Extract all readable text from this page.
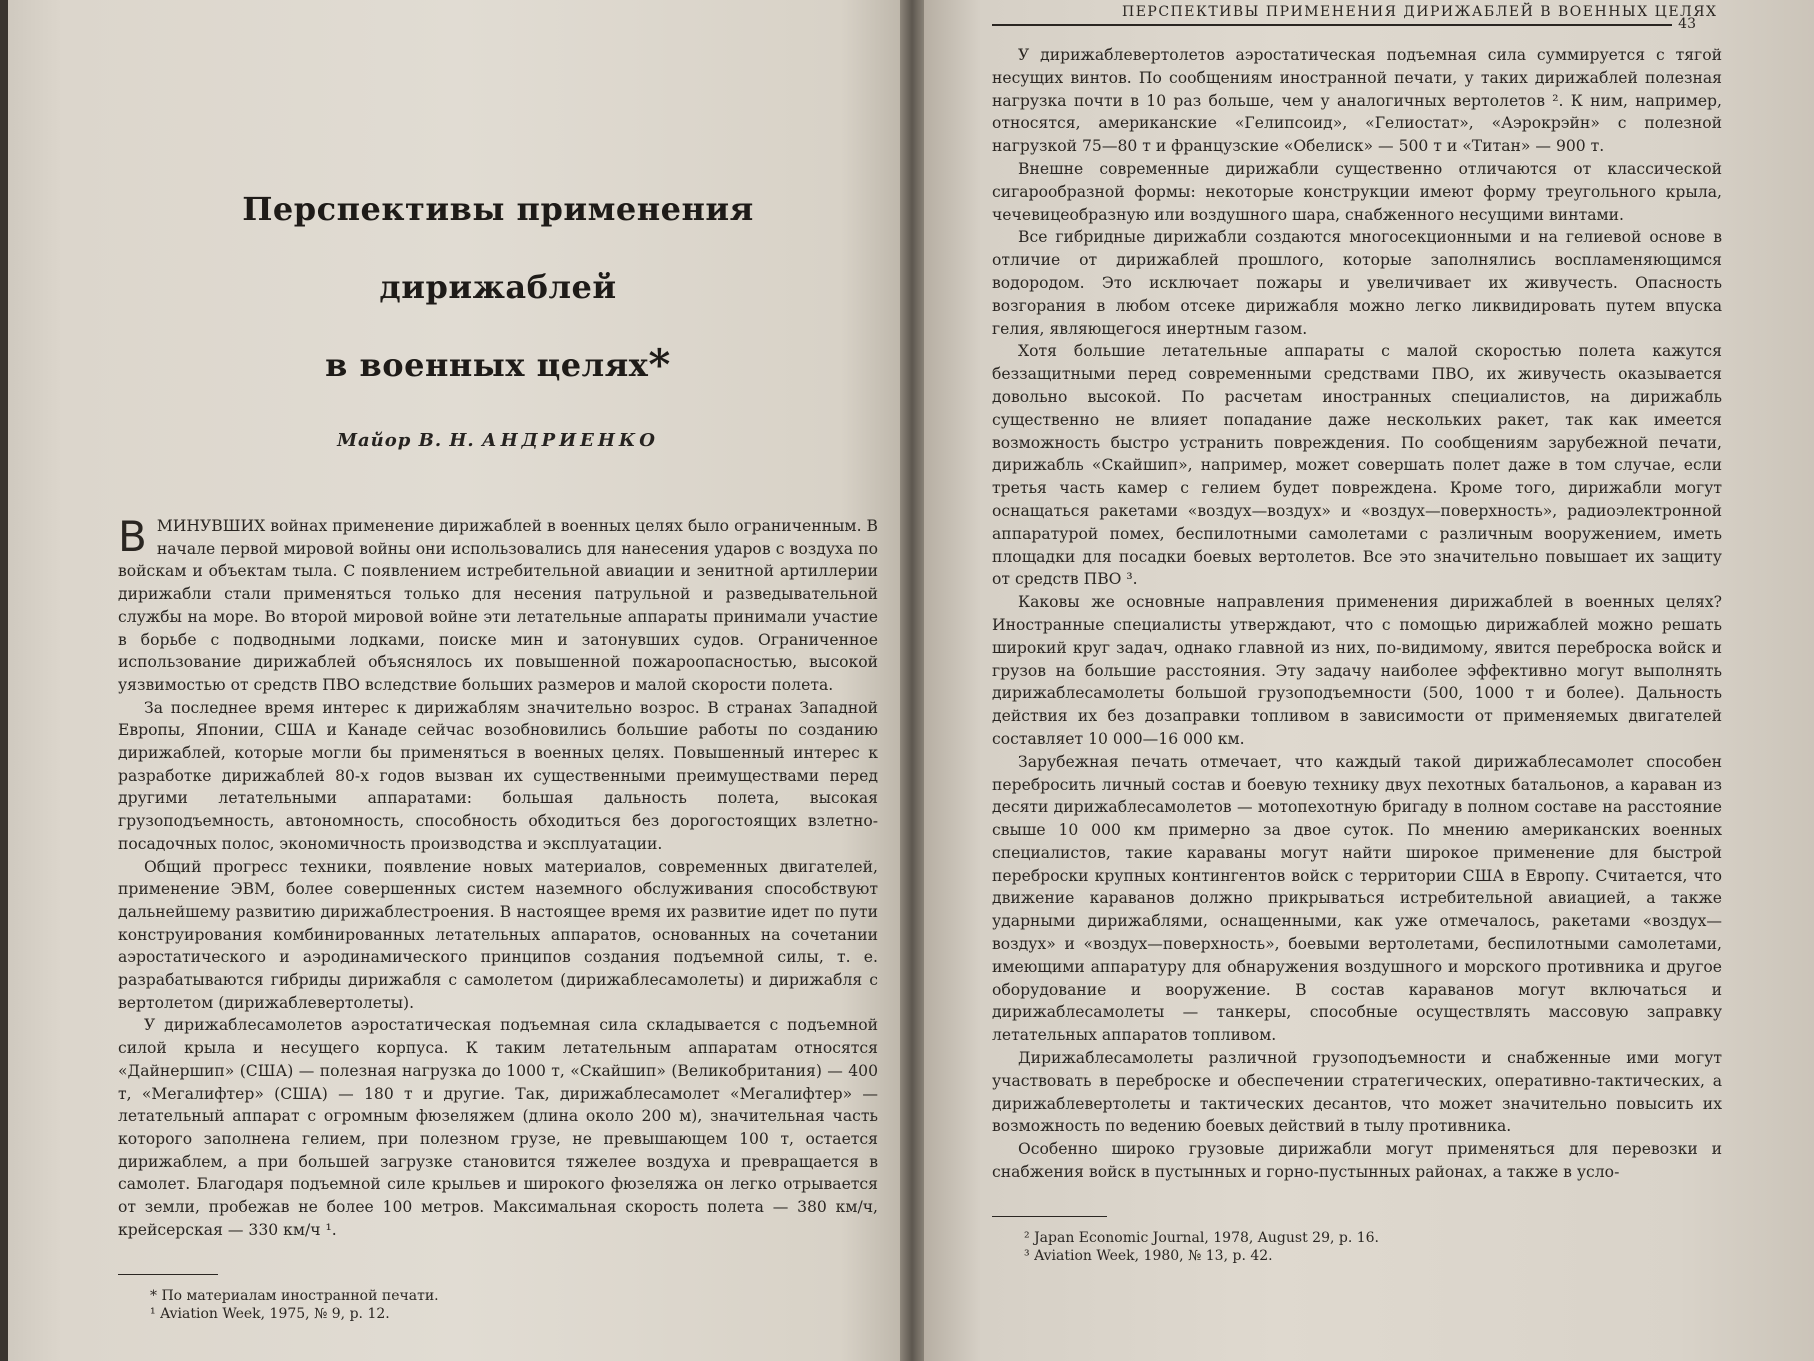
Перспективы применения дирижаблей
в военных целях*
Майор В. Н. АНДРИЕНКО

ВМИНУВШИХ войнах применение дирижаблей в военных целях было ограниченным. В начале первой мировой войны они использовались для нанесения ударов с воздуха по войскам и объектам тыла. С появлением истребительной авиации и зенитной артиллерии дирижабли стали применяться только для несения патрульной и разведывательной службы на море. Во второй мировой войне эти летательные аппараты принимали участие в борьбе с подводными лодками, поиске мин и затонувших судов. Ограниченное использование дирижаблей объяснялось их повышенной пожароопасностью, высокой уязвимостью от средств ПВО вследствие больших размеров и малой скорости полета.

За последнее время интерес к дирижаблям значительно возрос. В странах Западной Европы, Японии, США и Канаде сейчас возобновились большие работы по созданию дирижаблей, которые могли бы применяться в военных целях. Повышенный интерес к разработке дирижаблей 80-х годов вызван их существенными преимуществами перед другими летательными аппаратами: большая дальность полета, высокая грузоподъемность, автономность, способность обходиться без дорогостоящих взлетно-посадочных полос, экономичность производства и эксплуатации.

Общий прогресс техники, появление новых материалов, современных двигателей, применение ЭВМ, более совершенных систем наземного обслуживания способствуют дальнейшему развитию дирижаблестроения. В настоящее время их развитие идет по пути конструирования комбинированных летательных аппаратов, основанных на сочетании аэростатического и аэродинамического принципов создания подъемной силы, т. е. разрабатываются гибриды дирижабля с самолетом (дирижаблесамолеты) и дирижабля с вертолетом (дирижаблевертолеты).

У дирижаблесамолетов аэростатическая подъемная сила складывается с подъемной силой крыла и несущего корпуса. К таким летательным аппаратам относятся «Дайнершип» (США) — полезная нагрузка до 1000 т, «Скайшип» (Великобритания) — 400 т, «Мегалифтер» (США) — 180 т и другие. Так, дирижаблесамолет «Мегалифтер» — летательный аппарат с огромным фюзеляжем (длина около 200 м), значительная часть которого заполнена гелием, при полезном грузе, не превышающем 100 т, остается дирижаблем, а при большей загрузке становится тяжелее воздуха и превращается в самолет. Благодаря подъемной силе крыльев и широкого фюзеляжа он легко отрывается от земли, пробежав не более 100 метров. Максимальная скорость полета — 380 км/ч, крейсерская — 330 км/ч ¹.

* По материалам иностранной печати.
¹ Aviation Week, 1975, № 9, p. 12.
ПЕРСПЕКТИВЫ ПРИМЕНЕНИЯ ДИРИЖАБЛЕЙ В ВОЕННЫХ ЦЕЛЯХ
43

У дирижаблевертолетов аэростатическая подъемная сила суммируется с тягой несущих винтов. По сообщениям иностранной печати, у таких дирижаблей полезная нагрузка почти в 10 раз больше, чем у аналогичных вертолетов ². К ним, например, относятся, американские «Гелипсоид», «Гелиостат», «Аэрокрэйн» с полезной нагрузкой 75—80 т и французские «Обелиск» — 500 т и «Титан» — 900 т.

Внешне современные дирижабли существенно отличаются от классической сигарообразной формы: некоторые конструкции имеют форму треугольного крыла, чечевицеобразную или воздушного шара, снабженного несущими винтами.

Все гибридные дирижабли создаются многосекционными и на гелиевой основе в отличие от дирижаблей прошлого, которые заполнялись воспламеняющимся водородом. Это исключает пожары и увеличивает их живучесть. Опасность возгорания в любом отсеке дирижабля можно легко ликвидировать путем впуска гелия, являющегося инертным газом.

Хотя большие летательные аппараты с малой скоростью полета кажутся беззащитными перед современными средствами ПВО, их живучесть оказывается довольно высокой. По расчетам иностранных специалистов, на дирижабль существенно не влияет попадание даже нескольких ракет, так как имеется возможность быстро устранить повреждения. По сообщениям зарубежной печати, дирижабль «Скайшип», например, может совершать полет даже в том случае, если третья часть камер с гелием будет повреждена. Кроме того, дирижабли могут оснащаться ракетами «воздух—воздух» и «воздух—поверхность», радиоэлектронной аппаратурой помех, беспилотными самолетами с различным вооружением, иметь площадки для посадки боевых вертолетов. Все это значительно повышает их защиту от средств ПВО ³.

Каковы же основные направления применения дирижаблей в военных целях? Иностранные специалисты утверждают, что с помощью дирижаблей можно решать широкий круг задач, однако главной из них, по-видимому, явится переброска войск и грузов на большие расстояния. Эту задачу наиболее эффективно могут выполнять дирижаблесамолеты большой грузоподъемности (500, 1000 т и более). Дальность действия их без дозаправки топливом в зависимости от применяемых двигателей составляет 10 000—16 000 км.

Зарубежная печать отмечает, что каждый такой дирижаблесамолет способен перебросить личный состав и боевую технику двух пехотных батальонов, а караван из десяти дирижаблесамолетов — мотопехотную бригаду в полном составе на расстояние свыше 10 000 км примерно за двое суток. По мнению американских военных специалистов, такие караваны могут найти широкое применение для быстрой переброски крупных контингентов войск с территории США в Европу. Считается, что движение караванов должно прикрываться истребительной авиацией, а также ударными дирижаблями, оснащенными, как уже отмечалось, ракетами «воздух—воздух» и «воздух—поверхность», боевыми вертолетами, беспилотными самолетами, имеющими аппаратуру для обнаружения воздушного и морского противника и другое оборудование и вооружение. В состав караванов могут включаться и дирижаблесамолеты — танкеры, способные осуществлять массовую заправку летательных аппаратов топливом.

Дирижаблесамолеты различной грузоподъемности и снабженные ими могут участвовать в переброске и обеспечении стратегических, оперативно-тактических, а дирижаблевертолеты и тактических десантов, что может значительно повысить их возможность по ведению боевых действий в тылу противника.

Особенно широко грузовые дирижабли могут применяться для перевозки и снабжения войск в пустынных и горно-пустынных районах, а также в усло-

² Japan Economic Journal, 1978, August 29, p. 16.
³ Aviation Week, 1980, № 13, p. 42.
